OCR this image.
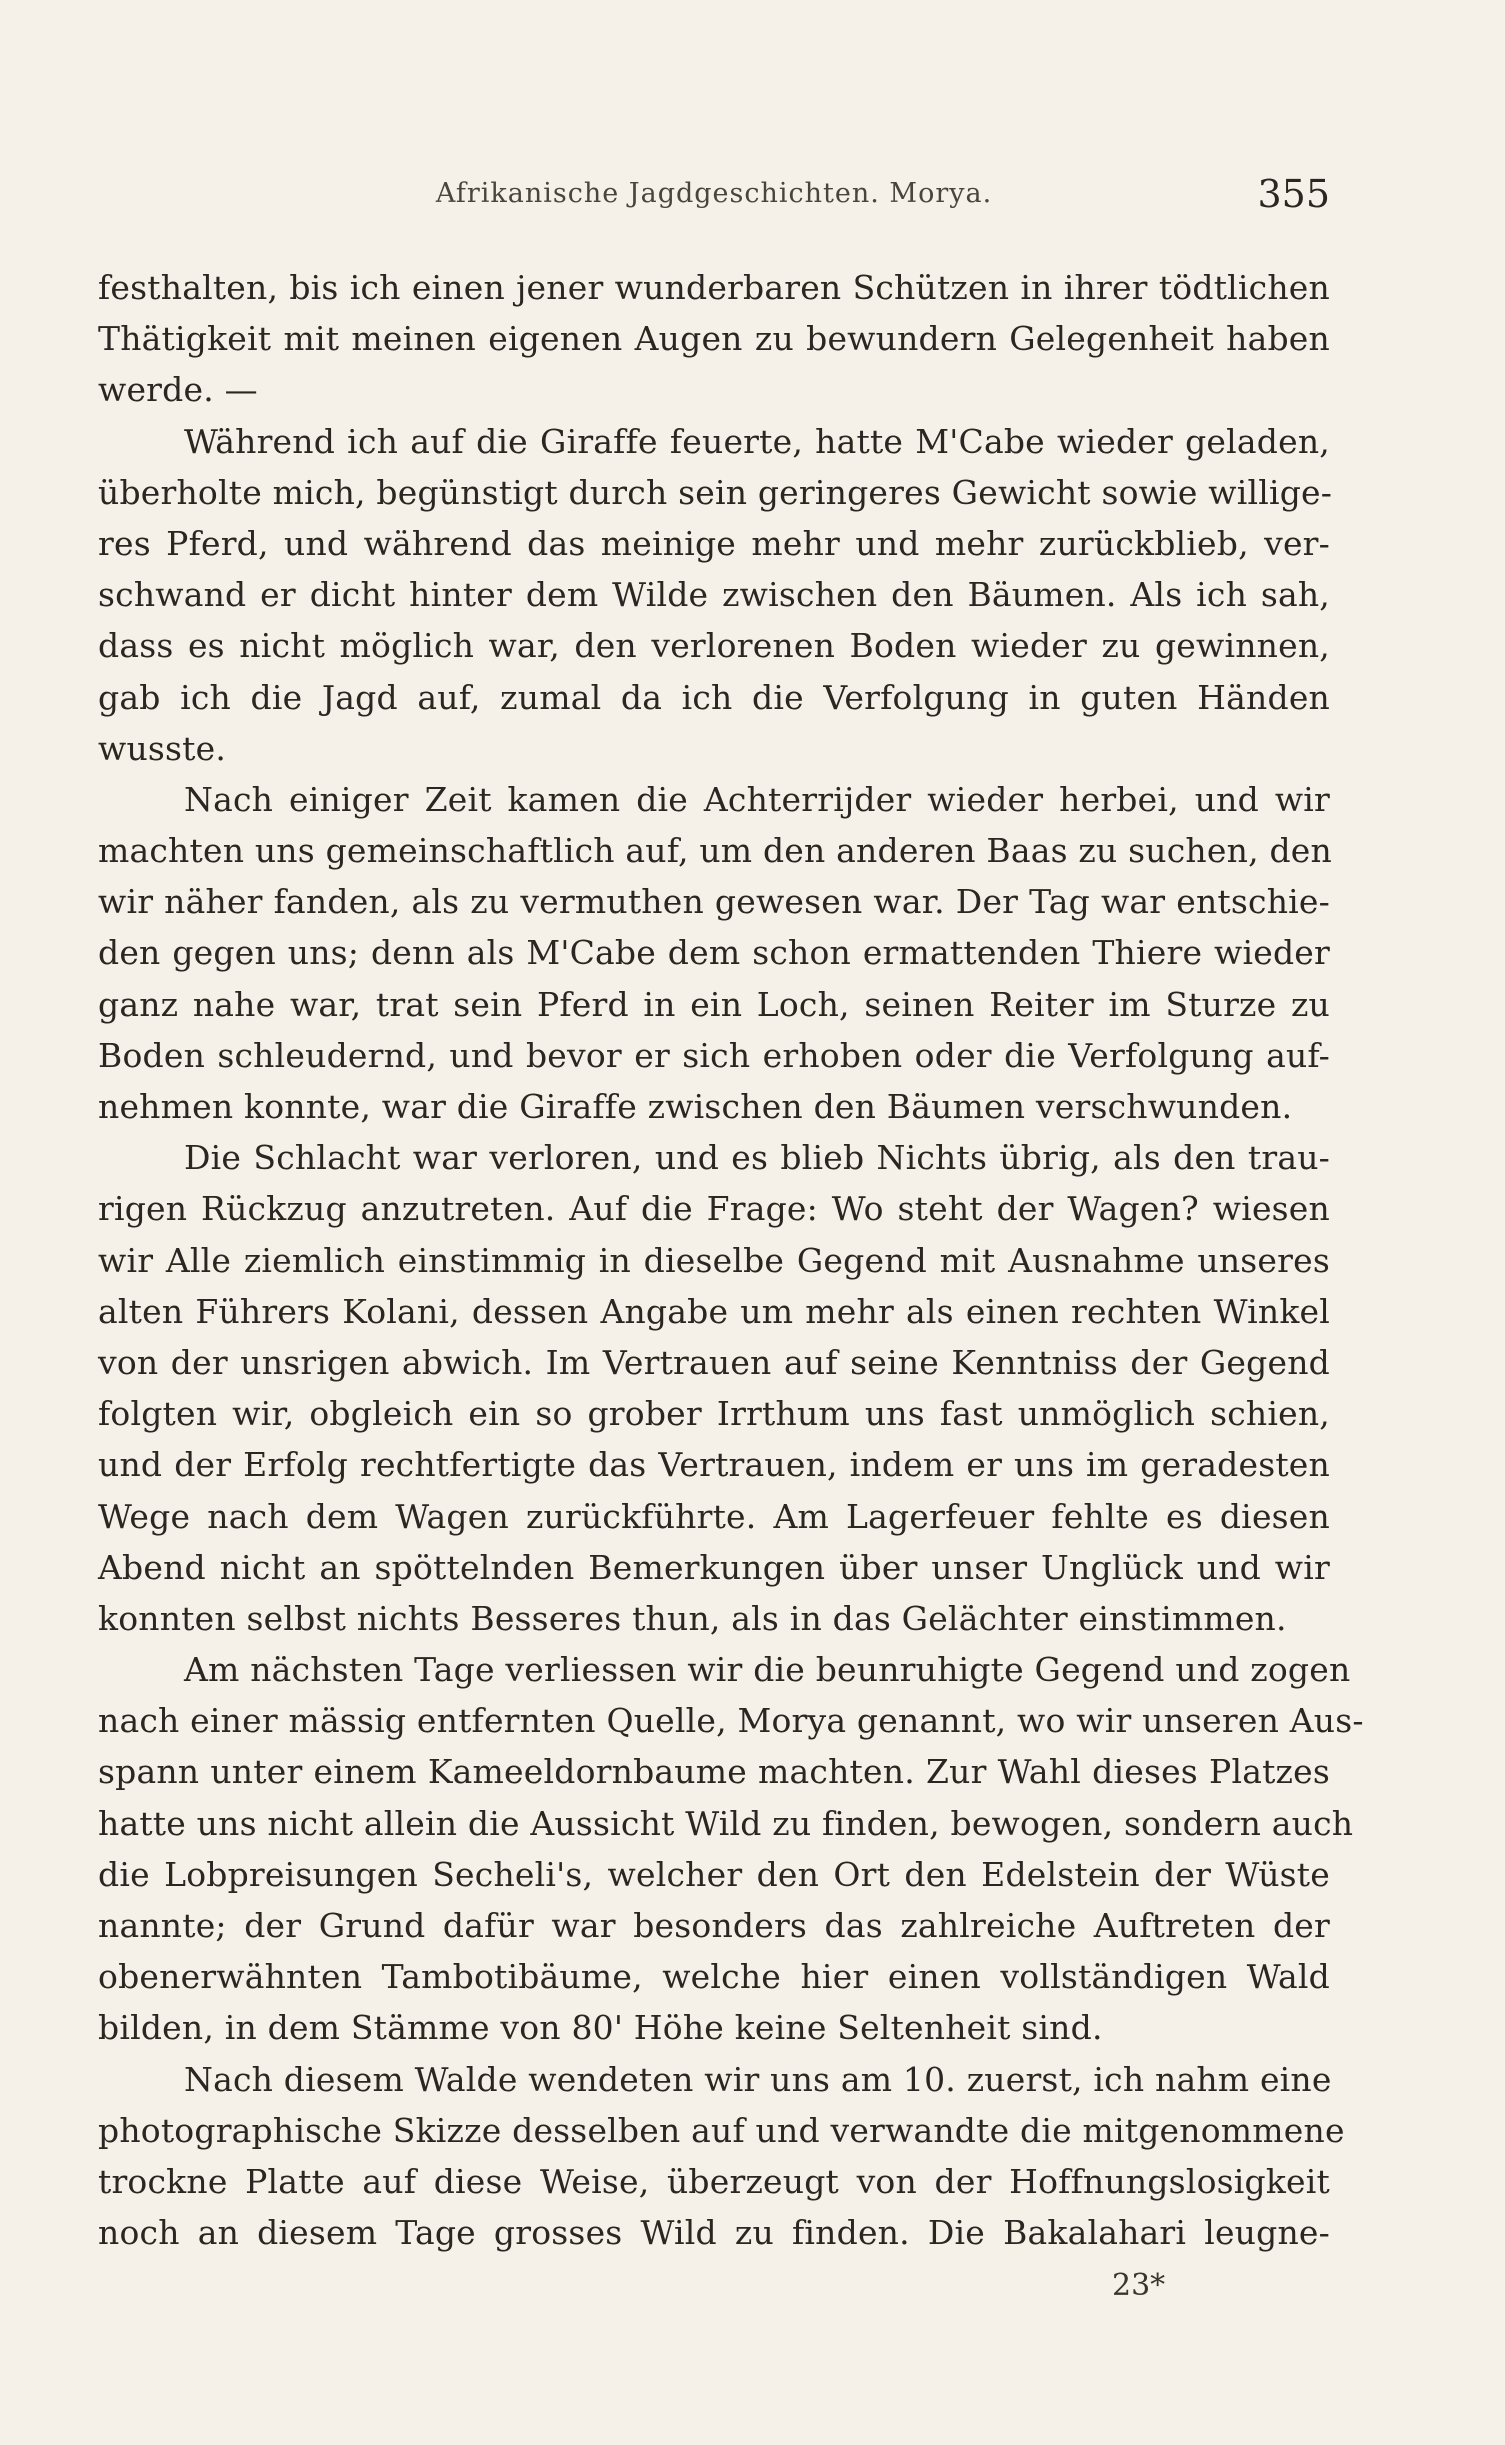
Afrikanische Jagdgeschichten. Morya.	355
festhalten, bis ich einen jener wunderbaren Schützen in ihrer tödtlichen
Thätigkeit mit meinen eigenen Augen zu bewundern Gelegenheit haben
werde. —
Während ich auf die Giraffe feuerte, hatte M'Cabe wieder geladen,
überholte mich, begünstigt durch sein geringeres Gewicht sowie willige-
res Pferd, und während das meinige mehr und mehr zurückblieb, ver-
schwand er dicht hinter dem Wilde zwischen den Bäumen. Als ich sah,
dass es nicht möglich war, den verlorenen Boden wieder zu gewinnen,
gab ich die Jagd auf, zumal da ich die Verfolgung in guten Händen
wusste.
Nach einiger Zeit kamen die Achterrijder wieder herbei, und wir
machten uns gemeinschaftlich auf, um den anderen Baas zu suchen, den
wir näher fanden, als zu vermuthen gewesen war. Der Tag war entschie-
den gegen uns; denn als M'Cabe dem schon ermattenden Thiere wieder
ganz nahe war, trat sein Pferd in ein Loch, seinen Reiter im Sturze zu
Boden schleudernd, und bevor er sich erhoben oder die Verfolgung auf-
nehmen konnte, war die Giraffe zwischen den Bäumen verschwunden.
Die Schlacht war verloren, und es blieb Nichts übrig, als den trau-
rigen Rückzug anzutreten. Auf die Frage: Wo steht der Wagen? wiesen
wir Alle ziemlich einstimmig in dieselbe Gegend mit Ausnahme unseres
alten Führers Kolani, dessen Angabe um mehr als einen rechten Winkel
von der unsrigen abwich. Im Vertrauen auf seine Kenntniss der Gegend
folgten wir, obgleich ein so grober Irrthum uns fast unmöglich schien,
und der Erfolg rechtfertigte das Vertrauen, indem er uns im geradesten
Wege nach dem Wagen zurückführte. Am Lagerfeuer fehlte es diesen
Abend nicht an spöttelnden Bemerkungen über unser Unglück und wir
konnten selbst nichts Besseres thun, als in das Gelächter einstimmen.
Am nächsten Tage verliessen wir die beunruhigte Gegend und zogen
nach einer mässig entfernten Quelle, Morya genannt, wo wir unseren Aus-
spann unter einem Kameeldornbaume machten. Zur Wahl dieses Platzes
hatte uns nicht allein die Aussicht Wild zu finden, bewogen, sondern auch
die Lobpreisungen Secheli's, welcher den Ort den Edelstein der Wüste
nannte; der Grund dafür war besonders das zahlreiche Auftreten der
obenerwähnten Tambotibäume, welche hier einen vollständigen Wald
bilden, in dem Stämme von 80' Höhe keine Seltenheit sind.
Nach diesem Walde wendeten wir uns am 10. zuerst, ich nahm eine
photographische Skizze desselben auf und verwandte die mitgenommene
trockne Platte auf diese Weise, überzeugt von der Hoffnungslosigkeit
noch an diesem Tage grosses Wild zu finden. Die Bakalahari leugne-
23*
